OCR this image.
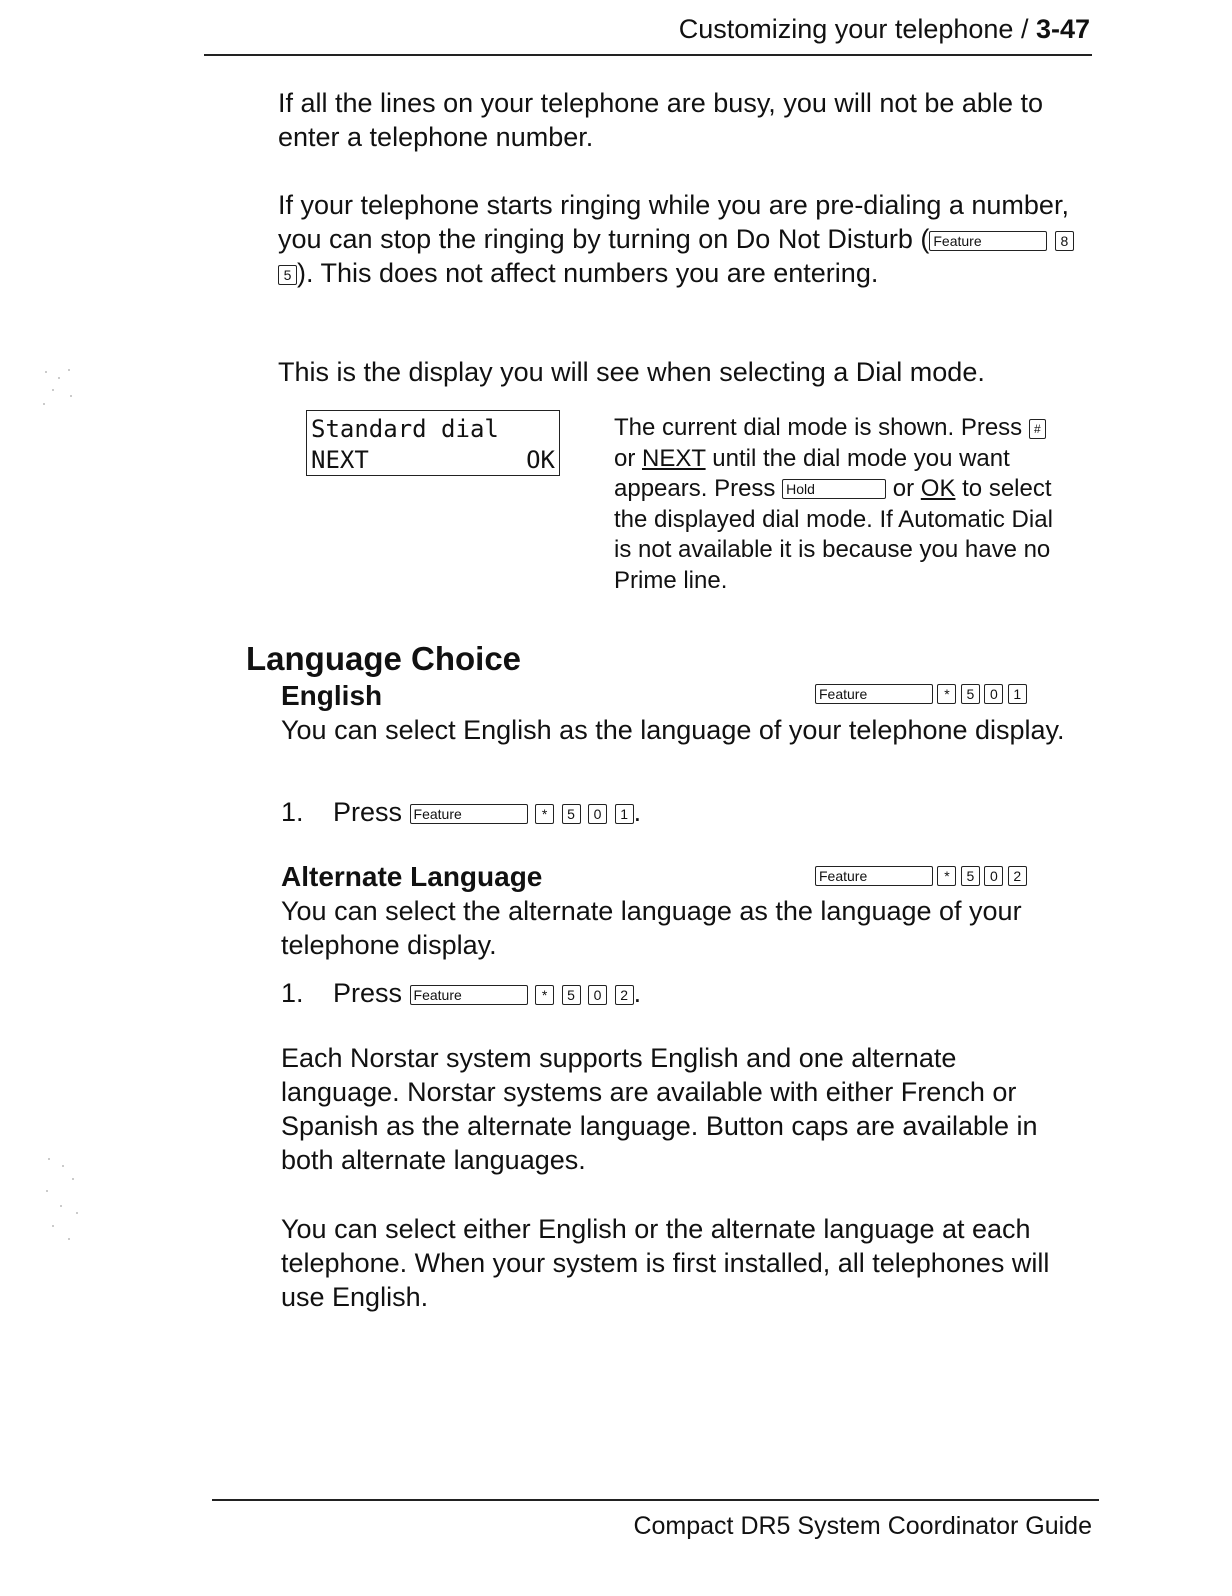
Customizing your telephone / 3-47

If all the lines on your telephone are busy, you will not be able to enter a telephone number.

If your telephone starts ringing while you are pre-dialing a number, you can stop the ringing by turning on Do Not Disturb ( Feature	8 5 ). This does not affect numbers you are entering.

This is the display you will see when selecting a Dial mode.

Standard dial
NEXT	OK
The current dial mode is shown. Press # or NEXT until the dial mode you want appears. Press Hold	or OK to select the displayed dial mode. If Automatic Dial is not available it is because you have no Prime line.
Language Choice
English	Feature	* 5 0 1

You can select English as the language of your telephone display.

1. Press Feature	* 5 0 1 .
Alternate Language	Feature	* 5 0 2

You can select the alternate language as the language of your telephone display.

1. Press Feature	* 5 0 2 .

Each Norstar system supports English and one alternate language. Norstar systems are available with either French or Spanish as the alternate language. Button caps are available in both alternate languages.

You can select either English or the alternate language at each telephone. When your system is first installed, all telephones will use English.

Compact DR5 System Coordinator Guide
